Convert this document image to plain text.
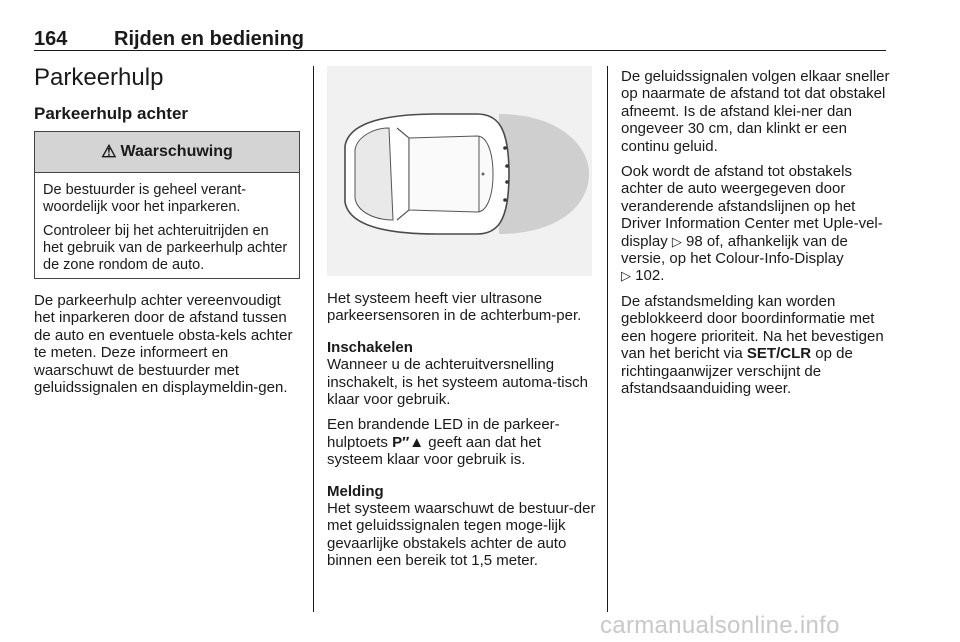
164 Rijden en bediening
Parkeerhulp
Parkeerhulp achter
⚠ Waarschuwing

De bestuurder is geheel verant-woordelijk voor het inparkeren.

Controleer bij het achteruitrijden en het gebruik van de parkeerhulp achter de zone rondom de auto.

De parkeerhulp achter vereenvoudigt het inparkeren door de afstand tussen de auto en eventuele obsta-kels achter te meten. Deze informeert en waarschuwt de bestuurder met geluidssignalen en displaymeldin-gen.

Het systeem heeft vier ultrasone parkeersensoren in de achterbum-per.

Inschakelen

Wanneer u de achteruitversnelling inschakelt, is het systeem automa-tisch klaar voor gebruik.

Een brandende LED in de parkeer-hulptoets P″▲ geeft aan dat het systeem klaar voor gebruik is.

Melding

Het systeem waarschuwt de bestuur-der met geluidssignalen tegen moge-lijk gevaarlijke obstakels achter de auto binnen een bereik tot 1,5 meter.

De geluidssignalen volgen elkaar sneller op naarmate de afstand tot dat obstakel afneemt. Is de afstand klei-ner dan ongeveer 30 cm, dan klinkt er een continu geluid.

Ook wordt de afstand tot obstakels achter de auto weergegeven door veranderende afstandslijnen op het Driver Information Center met Uple-vel-display ▷ 98 of, afhankelijk van de versie, op het Colour-Info-Display
▷ 102.

De afstandsmelding kan worden geblokkeerd door boordinformatie met een hogere prioriteit. Na het bevestigen van het bericht via SET/CLR op de richtingaanwijzer verschijnt de afstandsaanduiding weer.

carmanualsonline.info
